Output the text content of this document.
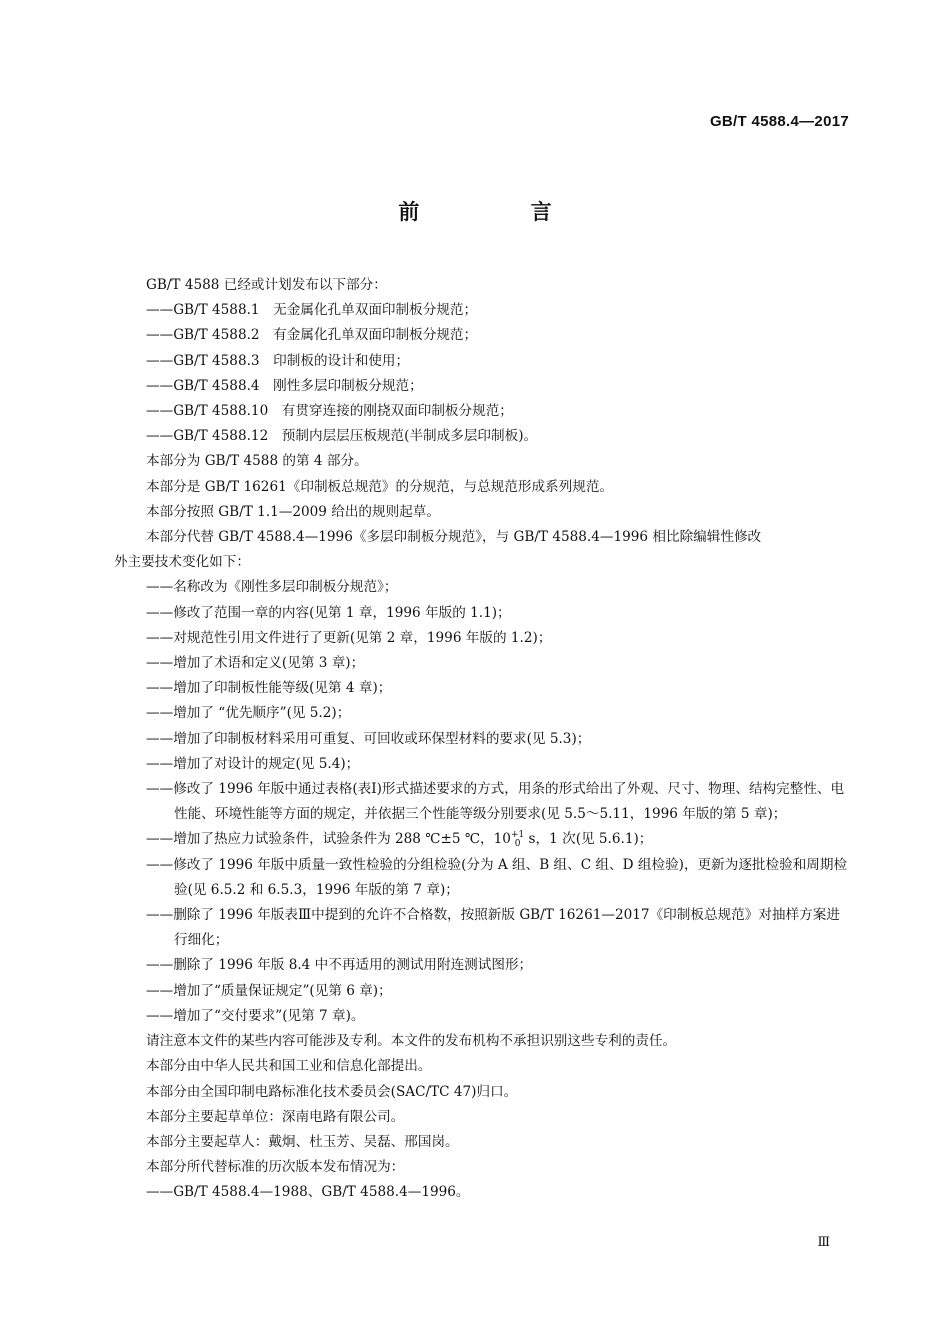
GB/T 4588.4—2017
前 言

GB/T 4588 已经或计划发布以下部分：

——GB/T 4588.1　无金属化孔单双面印制板分规范；

——GB/T 4588.2　有金属化孔单双面印制板分规范；

——GB/T 4588.3　印制板的设计和使用；

——GB/T 4588.4　刚性多层印制板分规范；

——GB/T 4588.10　有贯穿连接的刚挠双面印制板分规范；

——GB/T 4588.12　预制内层层压板规范(半制成多层印制板)。

本部分为 GB/T 4588 的第 4 部分。

本部分是 GB/T 16261《印制板总规范》的分规范，与总规范形成系列规范。

本部分按照 GB/T 1.1—2009 给出的规则起草。

本部分代替 GB/T 4588.4—1996《多层印制板分规范》，与 GB/T 4588.4—1996 相比除编辑性修改

外主要技术变化如下：

——名称改为《刚性多层印制板分规范》；

——修改了范围一章的内容(见第 1 章，1996 年版的 1.1)；

——对规范性引用文件进行了更新(见第 2 章，1996 年版的 1.2)；

——增加了术语和定义(见第 3 章)；

——增加了印制板性能等级(见第 4 章)；

——增加了 “优先顺序”(见 5.2)；

——增加了印制板材料采用可重复、可回收或环保型材料的要求(见 5.3)；

——增加了对设计的规定(见 5.4)；

——修改了 1996 年版中通过表格(表Ⅰ)形式描述要求的方式，用条的形式给出了外观、尺寸、物理、结构完整性、电性能、环境性能等方面的规定，并依据三个性能等级分别要求(见 5.5～5.11，1996 年版的第 5 章)；

——增加了热应力试验条件，试验条件为 288 ℃±5 ℃，10+1
0 s，1 次(见 5.6.1)；

——修改了 1996 年版中质量一致性检验的分组检验(分为 A 组、B 组、C 组、D 组检验)，更新为逐批检验和周期检验(见 6.5.2 和 6.5.3，1996 年版的第 7 章)；

——删除了 1996 年版表Ⅲ中提到的允许不合格数，按照新版 GB/T 16261—2017《印制板总规范》对抽样方案进行细化；

——删除了 1996 年版 8.4 中不再适用的测试用附连测试图形；

——增加了“质量保证规定”(见第 6 章)；

——增加了“交付要求”(见第 7 章)。

请注意本文件的某些内容可能涉及专利。本文件的发布机构不承担识别这些专利的责任。

本部分由中华人民共和国工业和信息化部提出。

本部分由全国印制电路标准化技术委员会(SAC/TC 47)归口。

本部分主要起草单位：深南电路有限公司。

本部分主要起草人：戴炯、杜玉芳、吴磊、邢国岗。

本部分所代替标准的历次版本发布情况为：

——GB/T 4588.4—1988、GB/T 4588.4—1996。

Ⅲ
